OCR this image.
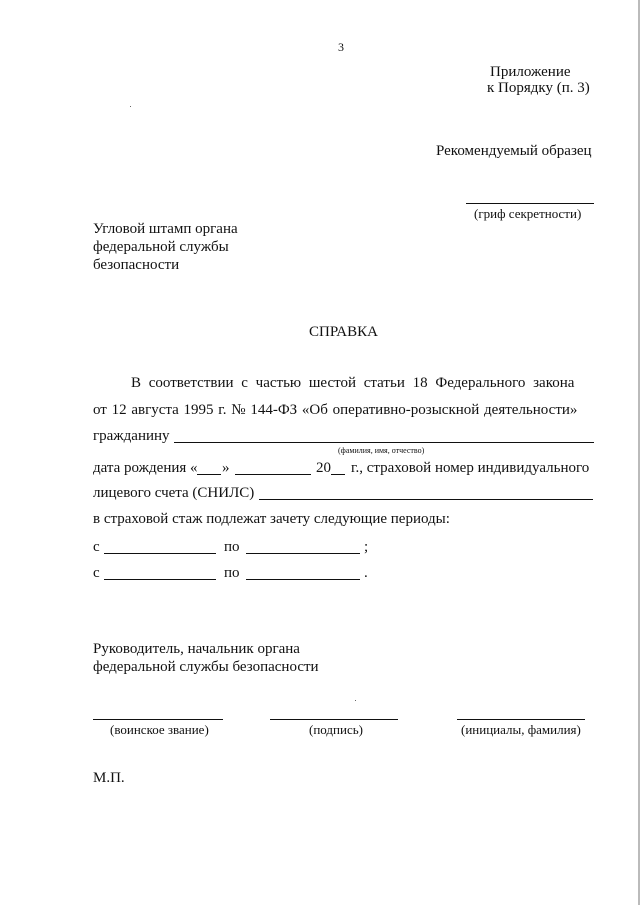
3
Приложение
к Порядку (п. 3)
Рекомендуемый образец
(гриф секретности)
Угловой штамп органа
федеральной службы
безопасности
СПРАВКА
В соответствии с частью шестой статьи 18 Федерального закона
от 12 августа 1995 г. № 144-ФЗ «Об оперативно-розыскной деятельности»
гражданину
(фамилия, имя, отчество)
дата рождения « »	20 г., страховой номер индивидуального
лицевого счета (СНИЛС)
в страховой стаж подлежат зачету следующие периоды:
с	по	;
с	по	.
Руководитель, начальник органа
федеральной службы безопасности
(воинское звание)	(подпись)	(инициалы, фамилия)
М.П.
